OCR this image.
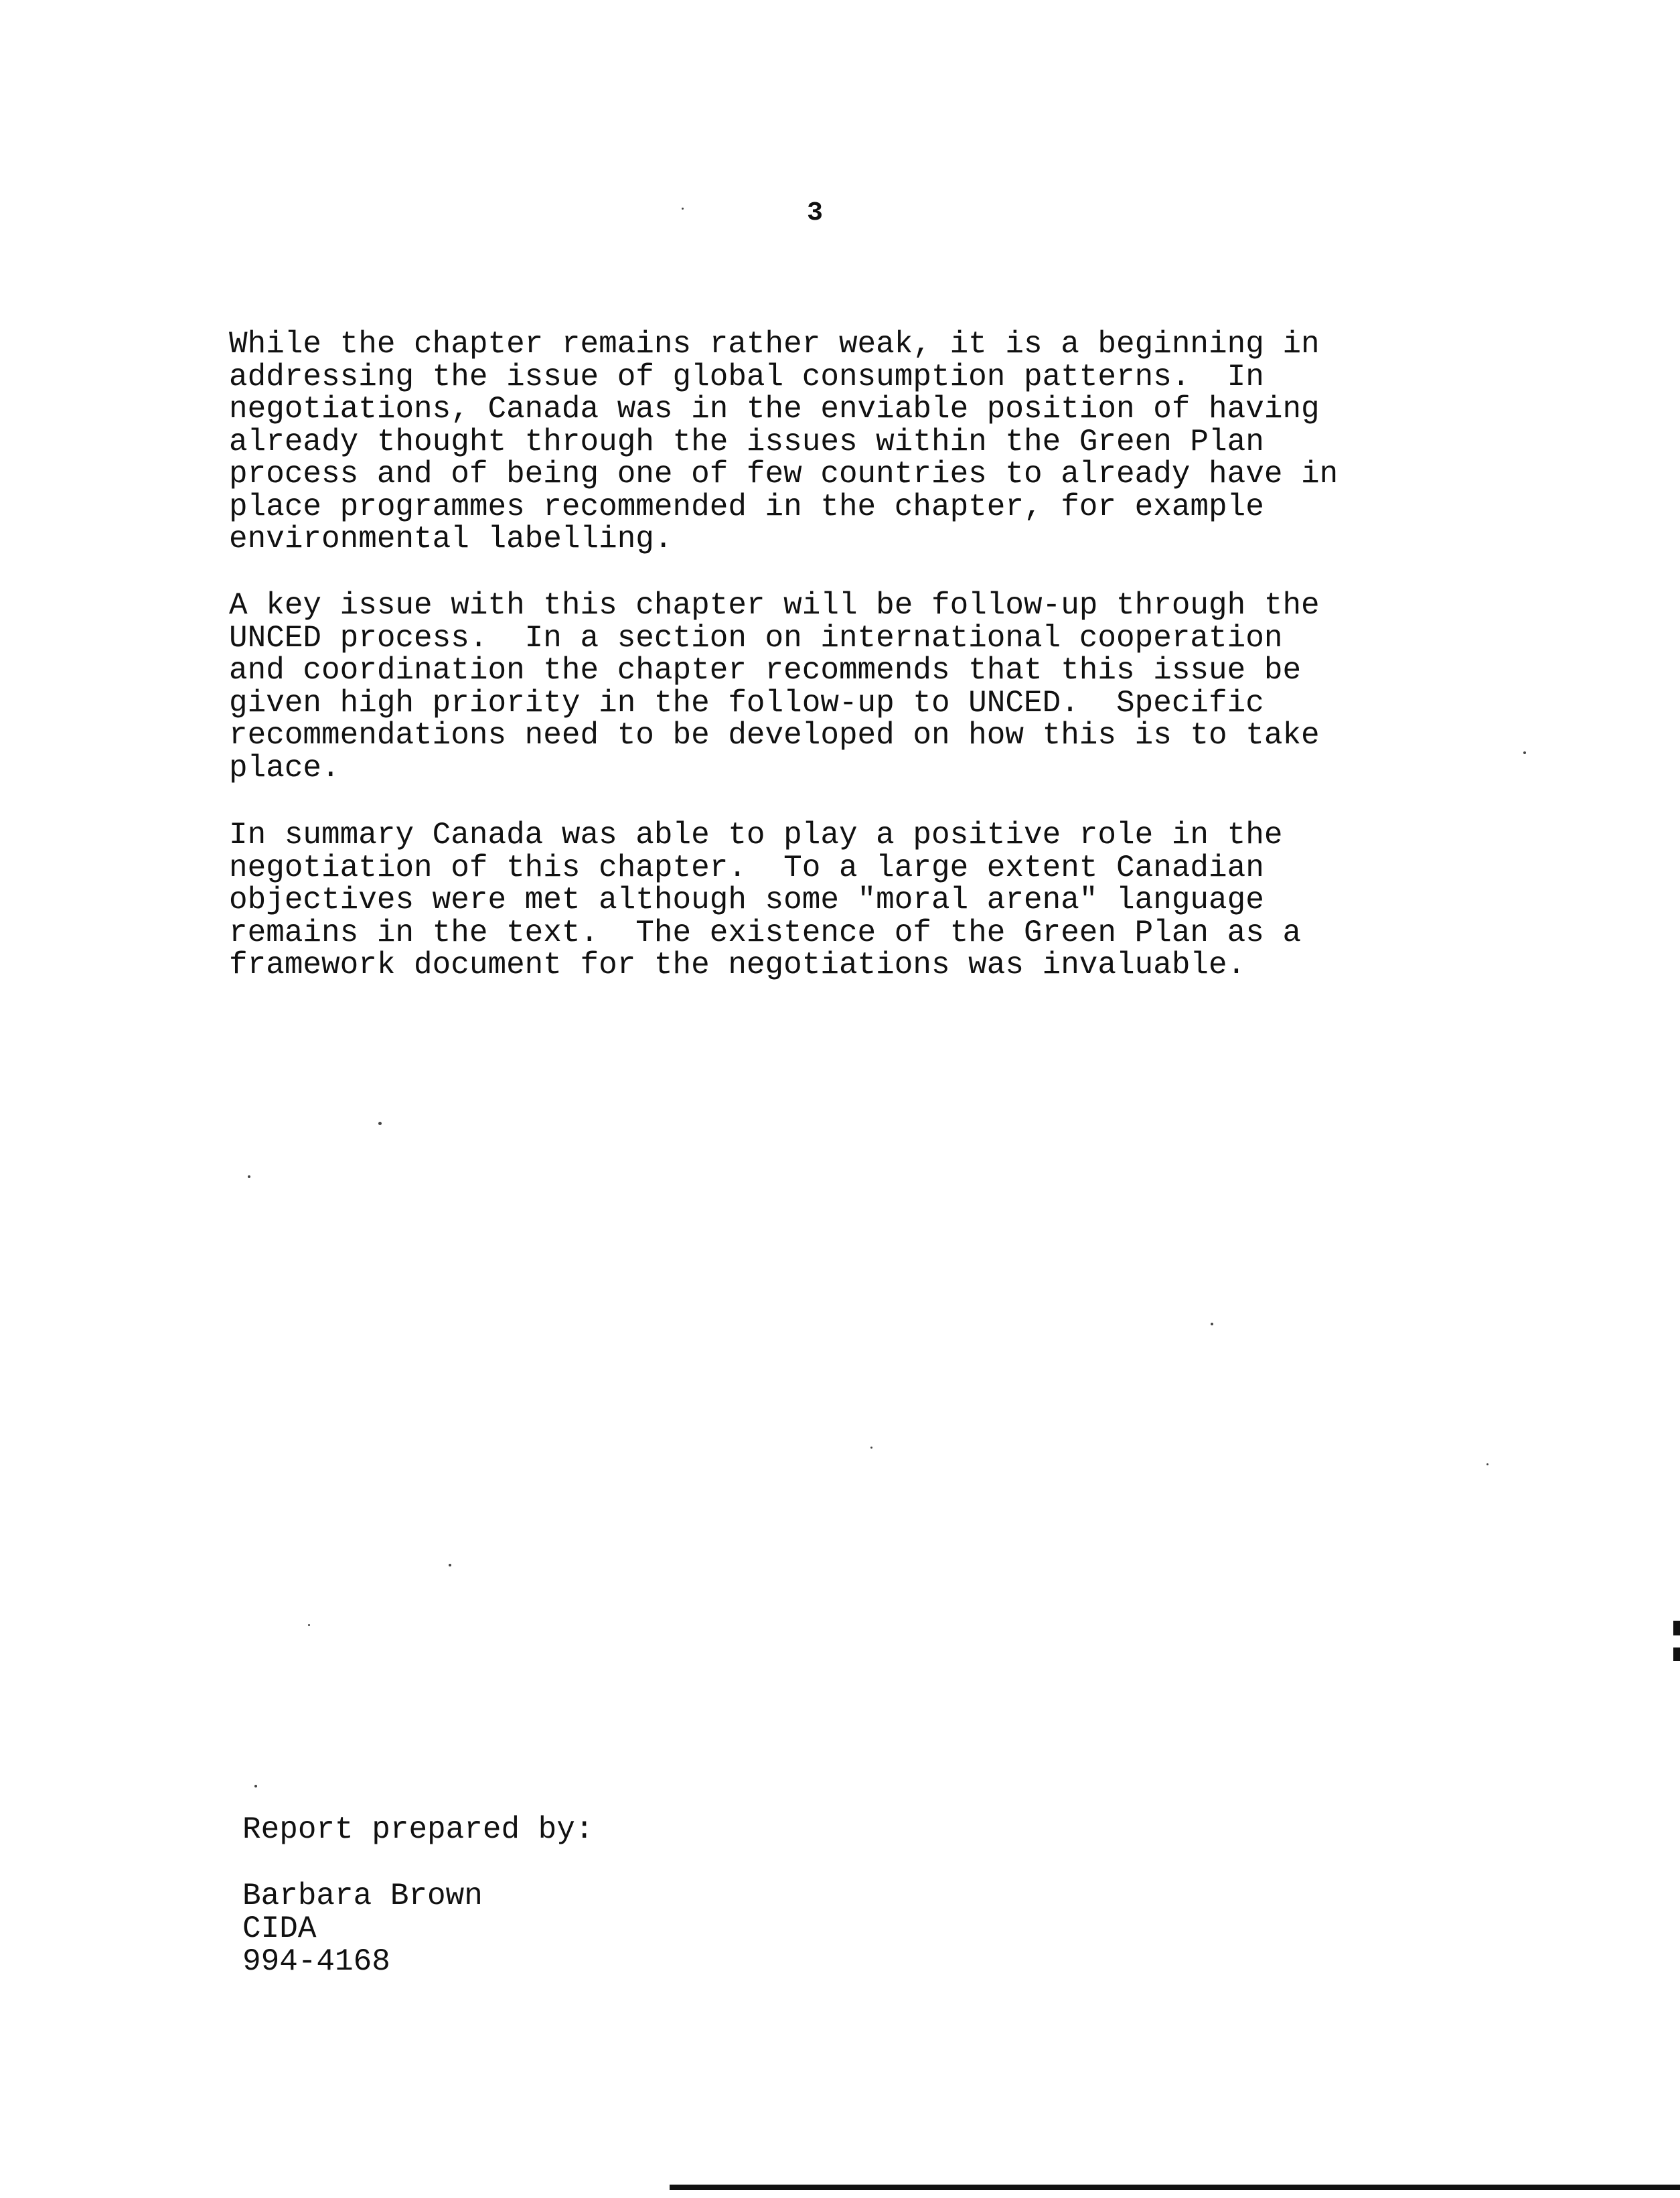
3
While the chapter remains rather weak, it is a beginning in
addressing the issue of global consumption patterns.  In
negotiations, Canada was in the enviable position of having
already thought through the issues within the Green Plan
process and of being one of few countries to already have in
place programmes recommended in the chapter, for example
environmental labelling.
A key issue with this chapter will be follow-up through the
UNCED process.  In a section on international cooperation
and coordination the chapter recommends that this issue be
given high priority in the follow-up to UNCED.  Specific
recommendations need to be developed on how this is to take
place.
In summary Canada was able to play a positive role in the
negotiation of this chapter.  To a large extent Canadian
objectives were met although some "moral arena" language
remains in the text.  The existence of the Green Plan as a
framework document for the negotiations was invaluable.
Report prepared by:
Barbara Brown
CIDA
994-4168
